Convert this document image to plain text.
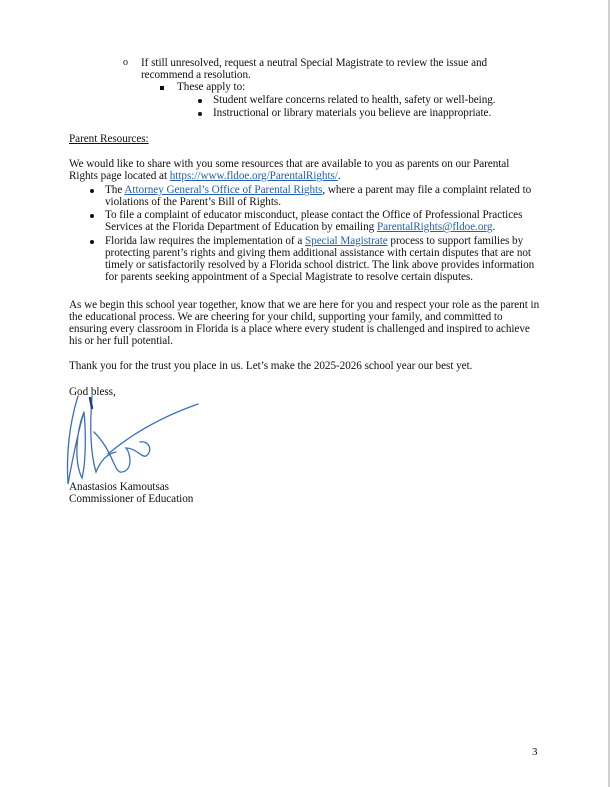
o If still unresolved, request a neutral Special Magistrate to review the issue and
recommend a resolution.
These apply to:
Student welfare concerns related to health, safety or well-being.
Instructional or library materials you believe are inappropriate.
Parent Resources:
We would like to share with you some resources that are available to you as parents on our Parental
Rights page located at https://www.fldoe.org/ParentalRights/.
The Attorney General’s Office of Parental Rights, where a parent may file a complaint related to
violations of the Parent’s Bill of Rights.
To file a complaint of educator misconduct, please contact the Office of Professional Practices
Services at the Florida Department of Education by emailing ParentalRights@fldoe.org.
Florida law requires the implementation of a Special Magistrate process to support families by
protecting parent’s rights and giving them additional assistance with certain disputes that are not
timely or satisfactorily resolved by a Florida school district. The link above provides information
for parents seeking appointment of a Special Magistrate to resolve certain disputes.
As we begin this school year together, know that we are here for you and respect your role as the parent in
the educational process. We are cheering for your child, supporting your family, and committed to
ensuring every classroom in Florida is a place where every student is challenged and inspired to achieve
his or her full potential.
Thank you for the trust you place in us. Let’s make the 2025-2026 school year our best yet.
God bless,
Anastasios Kamoutsas
Commissioner of Education
3
